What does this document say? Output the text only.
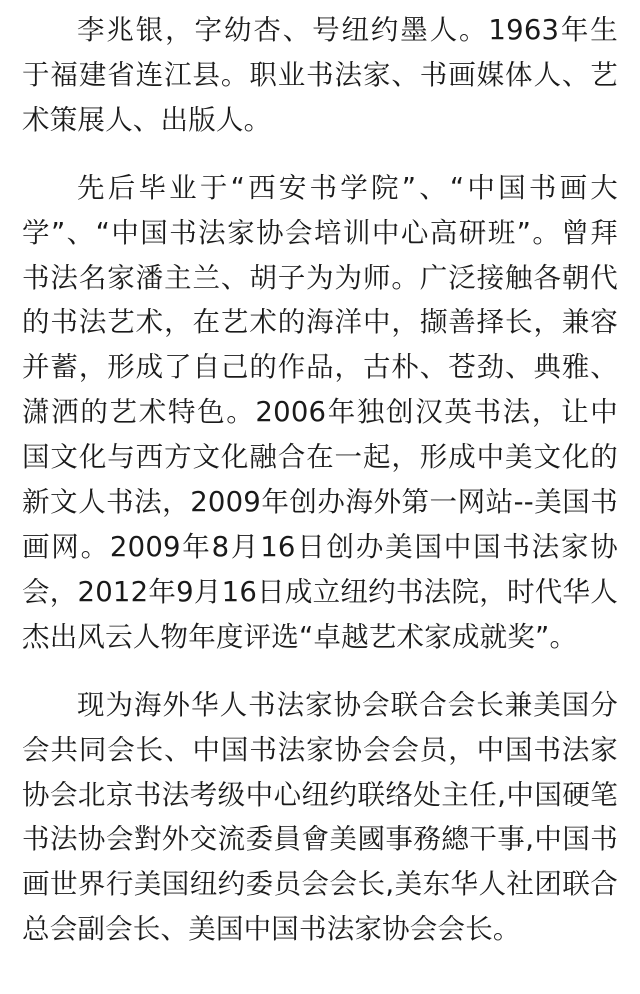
李兆银，字幼杏、号纽约墨人。1963年生于福建省连江县。职业书法家、书画媒体人、艺术策展人、出版人。

先后毕业于“西安书学院”、“中国书画大学”、“中国书法家协会培训中心高研班”。曾拜书法名家潘主兰、胡子为为师。广泛接触各朝代的书法艺术，在艺术的海洋中，撷善择长，兼容并蓄，形成了自己的作品，古朴、苍劲、典雅、潇洒的艺术特色。2006年独创汉英书法，让中国文化与西方文化融合在一起，形成中美文化的新文人书法，2009年创办海外第一网站--美国书画网。2009年8月16日创办美国中国书法家协会，2012年9月16日成立纽约书法院，时代华人杰出风云人物年度评选“卓越艺术家成就奖”。

现为海外华人书法家协会联合会长兼美国分会共同会长、中国书法家协会会员，中国书法家协会北京书法考级中心纽约联络处主任,中国硬笔书法协会對外交流委員會美國事務總干事,中国书画世界行美国纽约委员会会长,美东华人社团联合总会副会长、美国中国书法家协会会长。
